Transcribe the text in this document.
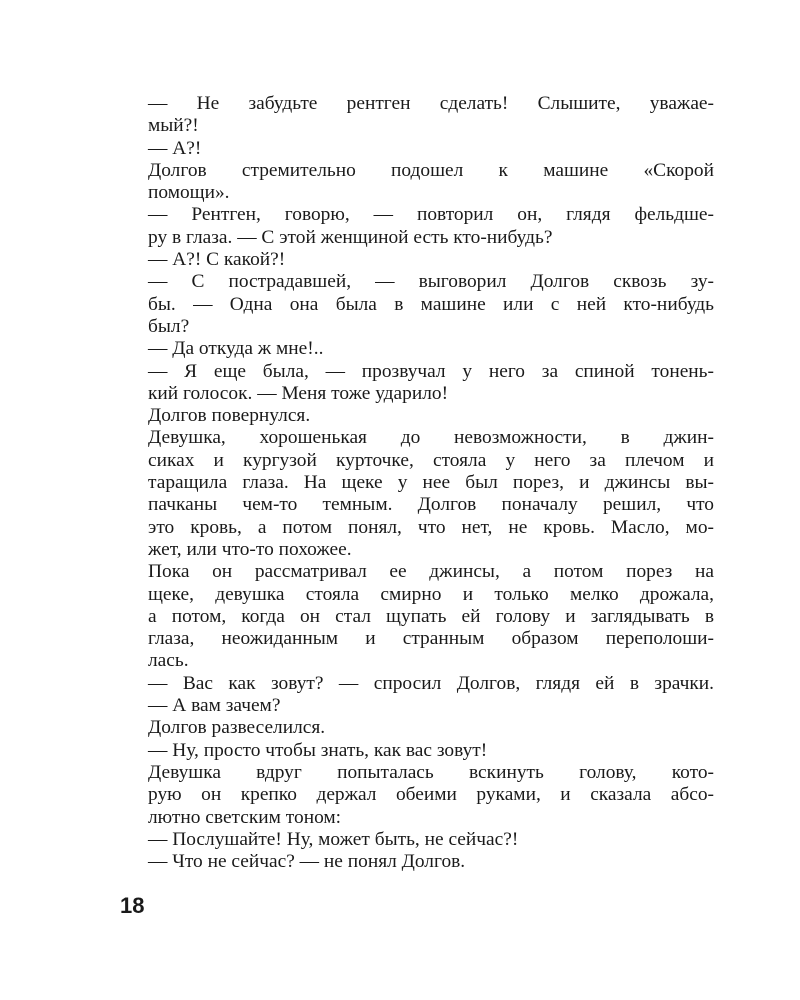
— Не забудьте рентген сделать! Слышите, уважае-
мый?!
— А?!
Долгов стремительно подошел к машине «Скорой
помощи».
— Рентген, говорю, — повторил он, глядя фельдше-
ру в глаза. — С этой женщиной есть кто-нибудь?
— А?! С какой?!
— С пострадавшей, — выговорил Долгов сквозь зу-
бы. — Одна она была в машине или с ней кто-нибудь
был?
— Да откуда ж мне!..
— Я еще была, — прозвучал у него за спиной тонень-
кий голосок. — Меня тоже ударило!
Долгов повернулся.
Девушка, хорошенькая до невозможности, в джин-
сиках и кургузой курточке, стояла у него за плечом и
таращила глаза. На щеке у нее был порез, и джинсы вы-
пачканы чем-то темным. Долгов поначалу решил, что
это кровь, а потом понял, что нет, не кровь. Масло, мо-
жет, или что-то похожее.
Пока он рассматривал ее джинсы, а потом порез на
щеке, девушка стояла смирно и только мелко дрожала,
а потом, когда он стал щупать ей голову и заглядывать в
глаза, неожиданным и странным образом переполоши-
лась.
— Вас как зовут? — спросил Долгов, глядя ей в зрачки.
— А вам зачем?
Долгов развеселился.
— Ну, просто чтобы знать, как вас зовут!
Девушка вдруг попыталась вскинуть голову, кото-
рую он крепко держал обеими руками, и сказала абсо-
лютно светским тоном:
— Послушайте! Ну, может быть, не сейчас?!
— Что не сейчас? — не понял Долгов.
18
